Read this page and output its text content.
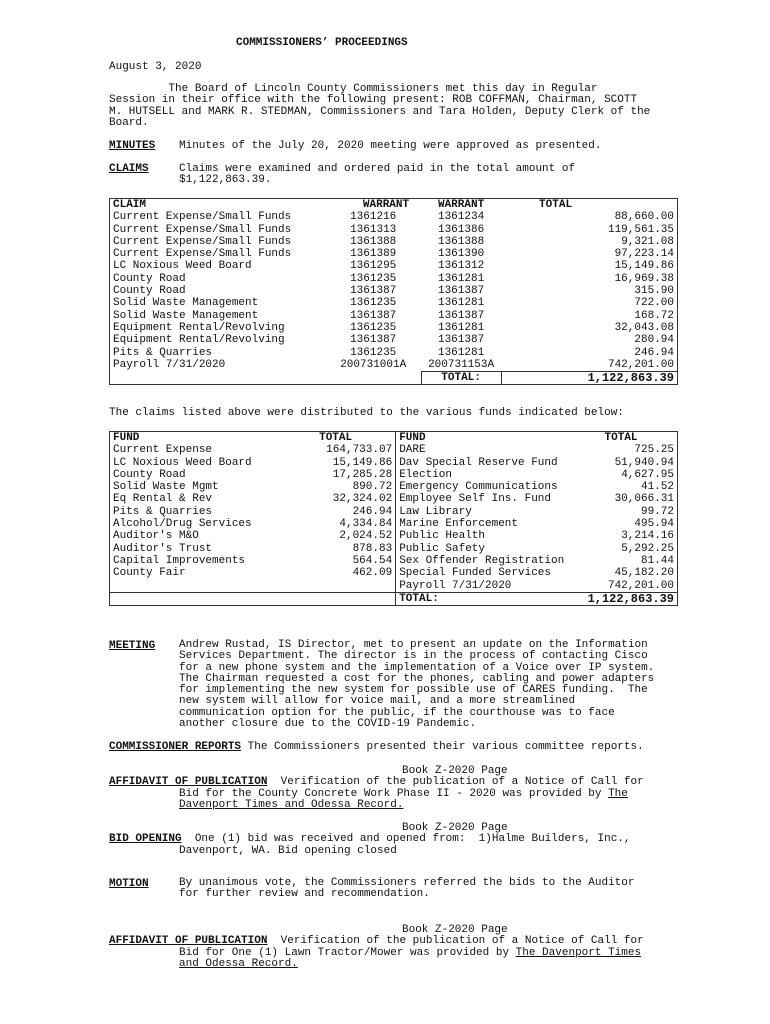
COMMISSIONERS’ PROCEEDINGS
August 3, 2020
The Board of Lincoln County Commissioners met this day in Regular
Session in their office with the following present: ROB COFFMAN, Chairman, SCOTT
M. HUTSELL and MARK R. STEDMAN, Commissioners and Tara Holden, Deputy Clerk of the
Board.
MINUTES Minutes of the July 20, 2020 meeting were approved as presented.
CLAIMS	Claims were examined and ordered paid in the total amount of
$1,122,863.39.
CLAIM	WARRANT	WARRANT	TOTAL
Current Expense/Small Funds	1361216	1361234	88,660.00
Current Expense/Small Funds	1361313	1361386	119,561.35
Current Expense/Small Funds	1361388	1361388	9,321.08
Current Expense/Small Funds	1361389	1361390	97,223.14
LC Noxious Weed Board	1361295	1361312	15,149.86
County Road	1361235	1361281	16,969.38
County Road	1361387	1361387	315.90
Solid Waste Management	1361235	1361281	722.00
Solid Waste Management	1361387	1361387	168.72
Equipment Rental/Revolving	1361235	1361281	32,043.08
Equipment Rental/Revolving	1361387	1361387	280.94
Pits & Quarries	1361235	1361281	246.94
Payroll 7/31/2020	200731001A	200731153A	742,201.00
		TOTAL:	1,122,863.39
The claims listed above were distributed to the various funds indicated below:
FUND	TOTAL	FUND	TOTAL
Current Expense	164,733.07	DARE	725.25
LC Noxious Weed Board	15,149.86	Dav Special Reserve Fund	51,940.94
County Road	17,285.28	Election	4,627.95
Solid Waste Mgmt	890.72	Emergency Communications	41.52
Eq Rental & Rev	32,324.02	Employee Self Ins. Fund	30,066.31
Pits & Quarries	246.94	Law Library	99.72
Alcohol/Drug Services	4,334.84	Marine Enforcement	495.94
Auditor's M&O	2,024.52	Public Health	3,214.16
Auditor's Trust	878.83	Public Safety	5,292.25
Capital Improvements	564.54	Sex Offender Registration	81.44
County Fair	462.09	Special Funded Services	45,182.20
		Payroll 7/31/2020	742,201.00
		TOTAL:	1,122,863.39
MEETING Andrew Rustad, IS Director, met to present an update on the Information
Services Department. The director is in the process of contacting Cisco
for a new phone system and the implementation of a Voice over IP system.
The Chairman requested a cost for the phones, cabling and power adapters
for implementing the new system for possible use of CARES funding.  The
new system will allow for voice mail, and a more streamlined
communication option for the public, if the courthouse was to face
another closure due to the COVID-19 Pandemic.
COMMISSIONER REPORTS The Commissioners presented their various committee reports.
Book Z-2020 Page
AFFIDAVIT OF PUBLICATION  Verification of the publication of a Notice of Call for
Bid for the County Concrete Work Phase II - 2020 was provided by The
Davenport Times and Odessa Record.
Book Z-2020 Page
BID OPENING  One (1) bid was received and opened from:  1)Halme Builders, Inc.,
Davenport, WA. Bid opening closed
MOTION	By unanimous vote, the Commissioners referred the bids to the Auditor
for further review and recommendation.
Book Z-2020 Page
AFFIDAVIT OF PUBLICATION  Verification of the publication of a Notice of Call for
Bid for One (1) Lawn Tractor/Mower was provided by The Davenport Times
and Odessa Record.
